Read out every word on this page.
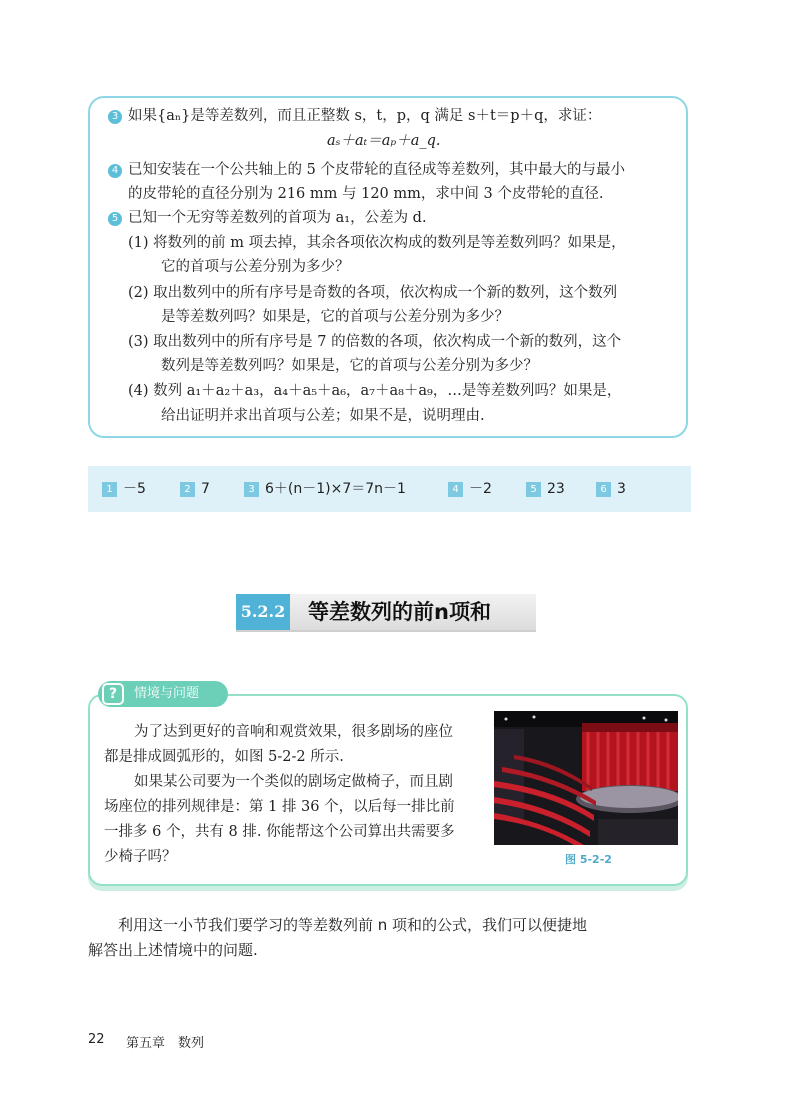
3 如果{aₙ}是等差数列，而且正整数 s，t，p，q 满足 s＋t＝p＋q，求证：
aₛ＋aₜ＝aₚ＋a_q.
4 已知安装在一个公共轴上的 5 个皮带轮的直径成等差数列，其中最大的与最小
的皮带轮的直径分别为 216 mm 与 120 mm，求中间 3 个皮带轮的直径.
5 已知一个无穷等差数列的首项为 a₁，公差为 d.
(1) 将数列的前 m 项去掉，其余各项依次构成的数列是等差数列吗？如果是，
它的首项与公差分别为多少？
(2) 取出数列中的所有序号是奇数的各项，依次构成一个新的数列，这个数列
是等差数列吗？如果是，它的首项与公差分别为多少？
(3) 取出数列中的所有序号是 7 的倍数的各项，依次构成一个新的数列，这个
数列是等差数列吗？如果是，它的首项与公差分别为多少？
(4) 数列 a₁＋a₂＋a₃，a₄＋a₅＋a₆，a₇＋a₈＋a₉，…是等差数列吗？如果是，
给出证明并求出首项与公差；如果不是，说明理由.
1 －5	2 7	3 6＋(n－1)×7＝7n－1	4 －2	5 23	6 3
5.2.2 等差数列的前n项和
?	情境与问题
为了达到更好的音响和观赏效果，很多剧场的座位
都是排成圆弧形的，如图 5-2-2 所示.
如果某公司要为一个类似的剧场定做椅子，而且剧
场座位的排列规律是：第 1 排 36 个，以后每一排比前
一排多 6 个，共有 8 排. 你能帮这个公司算出共需要多
少椅子吗？	图 5-2-2
利用这一小节我们要学习的等差数列前 n 项和的公式，我们可以便捷地
解答出上述情境中的问题.
22 第五章　数列
